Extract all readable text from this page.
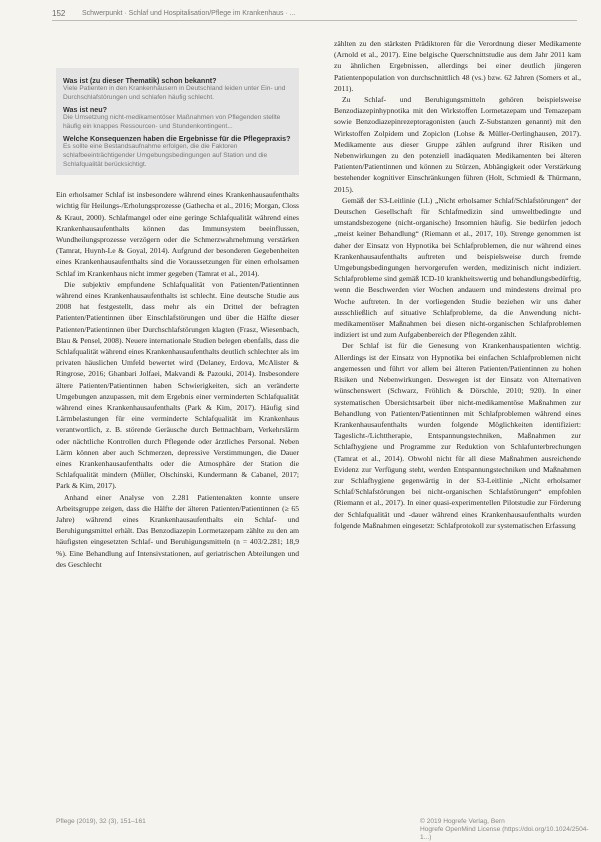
152	Schwerpunkt · Schlaf und Hospitalisation/Pflege im Krankenhaus · ...
Was ist (zu dieser Thematik) schon bekannt?
Viele Patienten in den Krankenhäusern in Deutschland leiden unter Ein- und Durchschlafstörungen und schlafen häufig schlecht.
Was ist neu?
Die Umsetzung nicht-medikamentöser Maßnahmen von Pflegenden stellte häufig ein knappes Ressourcen- und Stundenkontingent...
Welche Konsequenzen haben die Ergebnisse für die Pflegepraxis?
Es sollte eine Bestandsaufnahme erfolgen, die die Faktoren schlafbeeinträchtigender Umgebungsbedingungen auf Station und die Schlafqualität berücksichtigt.

Ein erholsamer Schlaf ist insbesondere während eines Krankenhausaufenthalts wichtig für Heilungs-/Erholungsprozesse (Gathecha et al., 2016; Morgan, Closs & Kraut, 2000). Schlafmangel oder eine geringe Schlafqualität während eines Krankenhausaufenthalts können das Immunsystem beeinflussen, Wundheilungsprozesse verzögern oder die Schmerzwahrnehmung verstärken (Tamrat, Huynh-Le & Goyal, 2014). Aufgrund der besonderen Gegebenheiten eines Krankenhausaufenthalts sind die Voraussetzungen für einen erholsamen Schlaf im Krankenhaus nicht immer gegeben (Tamrat et al., 2014).

Die subjektiv empfundene Schlafqualität von Patienten/Patientinnen während eines Krankenhausaufenthalts ist schlecht. Eine deutsche Studie aus 2008 hat festgestellt, dass mehr als ein Drittel der befragten Patienten/Patientinnen über Einschlafstörungen und über die Hälfte dieser Patienten/Patientinnen über Durchschlafstörungen klagten (Frasz, Wiesenbach, Blau & Pensel, 2008). Neuere internationale Studien belegen ebenfalls, dass die Schlafqualität während eines Krankenhausaufenthalts deutlich schlechter als im privaten häuslichen Umfeld bewertet wird (Delaney, Erdova, McAlister & Ringrose, 2016; Ghanbari Jolfaei, Makvandi & Pazouki, 2014). Insbesondere ältere Patienten/Patientinnen haben Schwierigkeiten, sich an veränderte Umgebungen anzupassen, mit dem Ergebnis einer verminderten Schlafqualität während eines Krankenhausaufenthalts (Park & Kim, 2017). Häufig sind Lärmbelastungen für eine verminderte Schlafqualität im Krankenhaus verantwortlich, z. B. störende Geräusche durch Bettnachbarn, Verkehrslärm oder nächtliche Kontrollen durch Pflegende oder ärztliches Personal. Neben Lärm können aber auch Schmerzen, depressive Verstimmungen, die Dauer eines Krankenhausaufenthalts oder die Atmosphäre der Station die Schlafqualität mindern (Müller, Olschinski, Kundermann & Cabanel, 2017; Park & Kim, 2017).

Anhand einer Analyse von 2.281 Patientenakten konnte unsere Arbeitsgruppe zeigen, dass die Hälfte der älteren Patienten/Patientinnen (≥ 65 Jahre) während eines Krankenhausaufenthalts ein Schlaf- und Beruhigungsmittel erhält. Das Benzodiazepin Lormetazepam zählte zu den am häufigsten eingesetzten Schlaf- und Beruhigungsmitteln (n = 403/2.281; 18,9 %). Eine Behandlung auf Intensivstationen, auf geriatrischen Abteilungen und des Geschlecht

zählten zu den stärksten Prädiktoren für die Verordnung dieser Medikamente (Arnold et al., 2017). Eine belgische Querschnittstudie aus dem Jahr 2011 kam zu ähnlichen Ergebnissen, allerdings bei einer deutlich jüngeren Patientenpopulation von durchschnittlich 48 (vs.) bzw. 62 Jahren (Somers et al., 2011).

Zu Schlaf- und Beruhigungsmitteln gehören beispielsweise Benzodiazepinhypnotika mit den Wirkstoffen Lormetazepam und Temazepam sowie Benzodiazepinrezeptoragonisten (auch Z-Substanzen genannt) mit den Wirkstoffen Zolpidem und Zopiclon (Lohse & Müller-Oerlinghausen, 2017). Medikamente aus dieser Gruppe zählen aufgrund ihrer Risiken und Nebenwirkungen zu den potenziell inadäquaten Medikamenten bei älteren Patienten/Patientinnen und können zu Stürzen, Abhängigkeit oder Verstärkung bestehender kognitiver Einschränkungen führen (Holt, Schmiedl & Thürmann, 2015).

Gemäß der S3-Leitlinie (LL) „Nicht erholsamer Schlaf/Schlafstörungen“ der Deutschen Gesellschaft für Schlafmedizin sind umweltbedingte und umstandsbezogene (nicht-organische) Insomnien häufig. Sie bedürfen jedoch „meist keiner Behandlung“ (Riemann et al., 2017, 10). Strenge genommen ist daher der Einsatz von Hypnotika bei Schlafproblemen, die nur während eines Krankenhausaufenthalts auftreten und beispielsweise durch fremde Umgebungsbedingungen hervorgerufen werden, medizinisch nicht indiziert. Schlafprobleme sind gemäß ICD-10 krankheitswertig und behandlungsbedürftig, wenn die Beschwerden vier Wochen andauern und mindestens dreimal pro Woche auftreten. In der vorliegenden Studie beziehen wir uns daher ausschließlich auf situative Schlafprobleme, da die Anwendung nicht-medikamentöser Maßnahmen bei diesen nicht-organischen Schlafproblemen indiziert ist und zum Aufgabenbereich der Pflegenden zählt.

Der Schlaf ist für die Genesung von Krankenhauspatienten wichtig. Allerdings ist der Einsatz von Hypnotika bei einfachen Schlafproblemen nicht angemessen und führt vor allem bei älteren Patienten/Patientinnen zu hohen Risiken und Nebenwirkungen. Deswegen ist der Einsatz von Alternativen wünschenswert (Schwarz, Fröhlich & Dörschle, 2010; 920). In einer systematischen Übersichtsarbeit über nicht-medikamentöse Maßnahmen zur Behandlung von Patienten/Patientinnen mit Schlafproblemen während eines Krankenhausaufenthalts wurden folgende Möglichkeiten identifiziert: Tageslicht-/Lichttherapie, Entspannungstechniken, Maßnahmen zur Schlafhygiene und Programme zur Reduktion von Schlafunterbrechungen (Tamrat et al., 2014). Obwohl nicht für all diese Maßnahmen ausreichende Evidenz zur Verfügung steht, werden Entspannungstechniken und Maßnahmen zur Schlafhygiene gegenwärtig in der S3-Leitlinie „Nicht erholsamer Schlaf/Schlafstörungen bei nicht-organischen Schlafstörungen“ empfohlen (Riemann et al., 2017). In einer quasi-experimentellen Pilotstudie zur Förderung der Schlafqualität und -dauer während eines Krankenhausaufenthalts wurden folgende Maßnahmen eingesetzt: Schlafprotokoll zur systematischen Erfassung

Pflege (2019), 32 (3), 151–161	© 2019 Hogrefe Verlag, Bern
Hogrefe OpenMind License (https://doi.org/10.1024/2504-1...)
